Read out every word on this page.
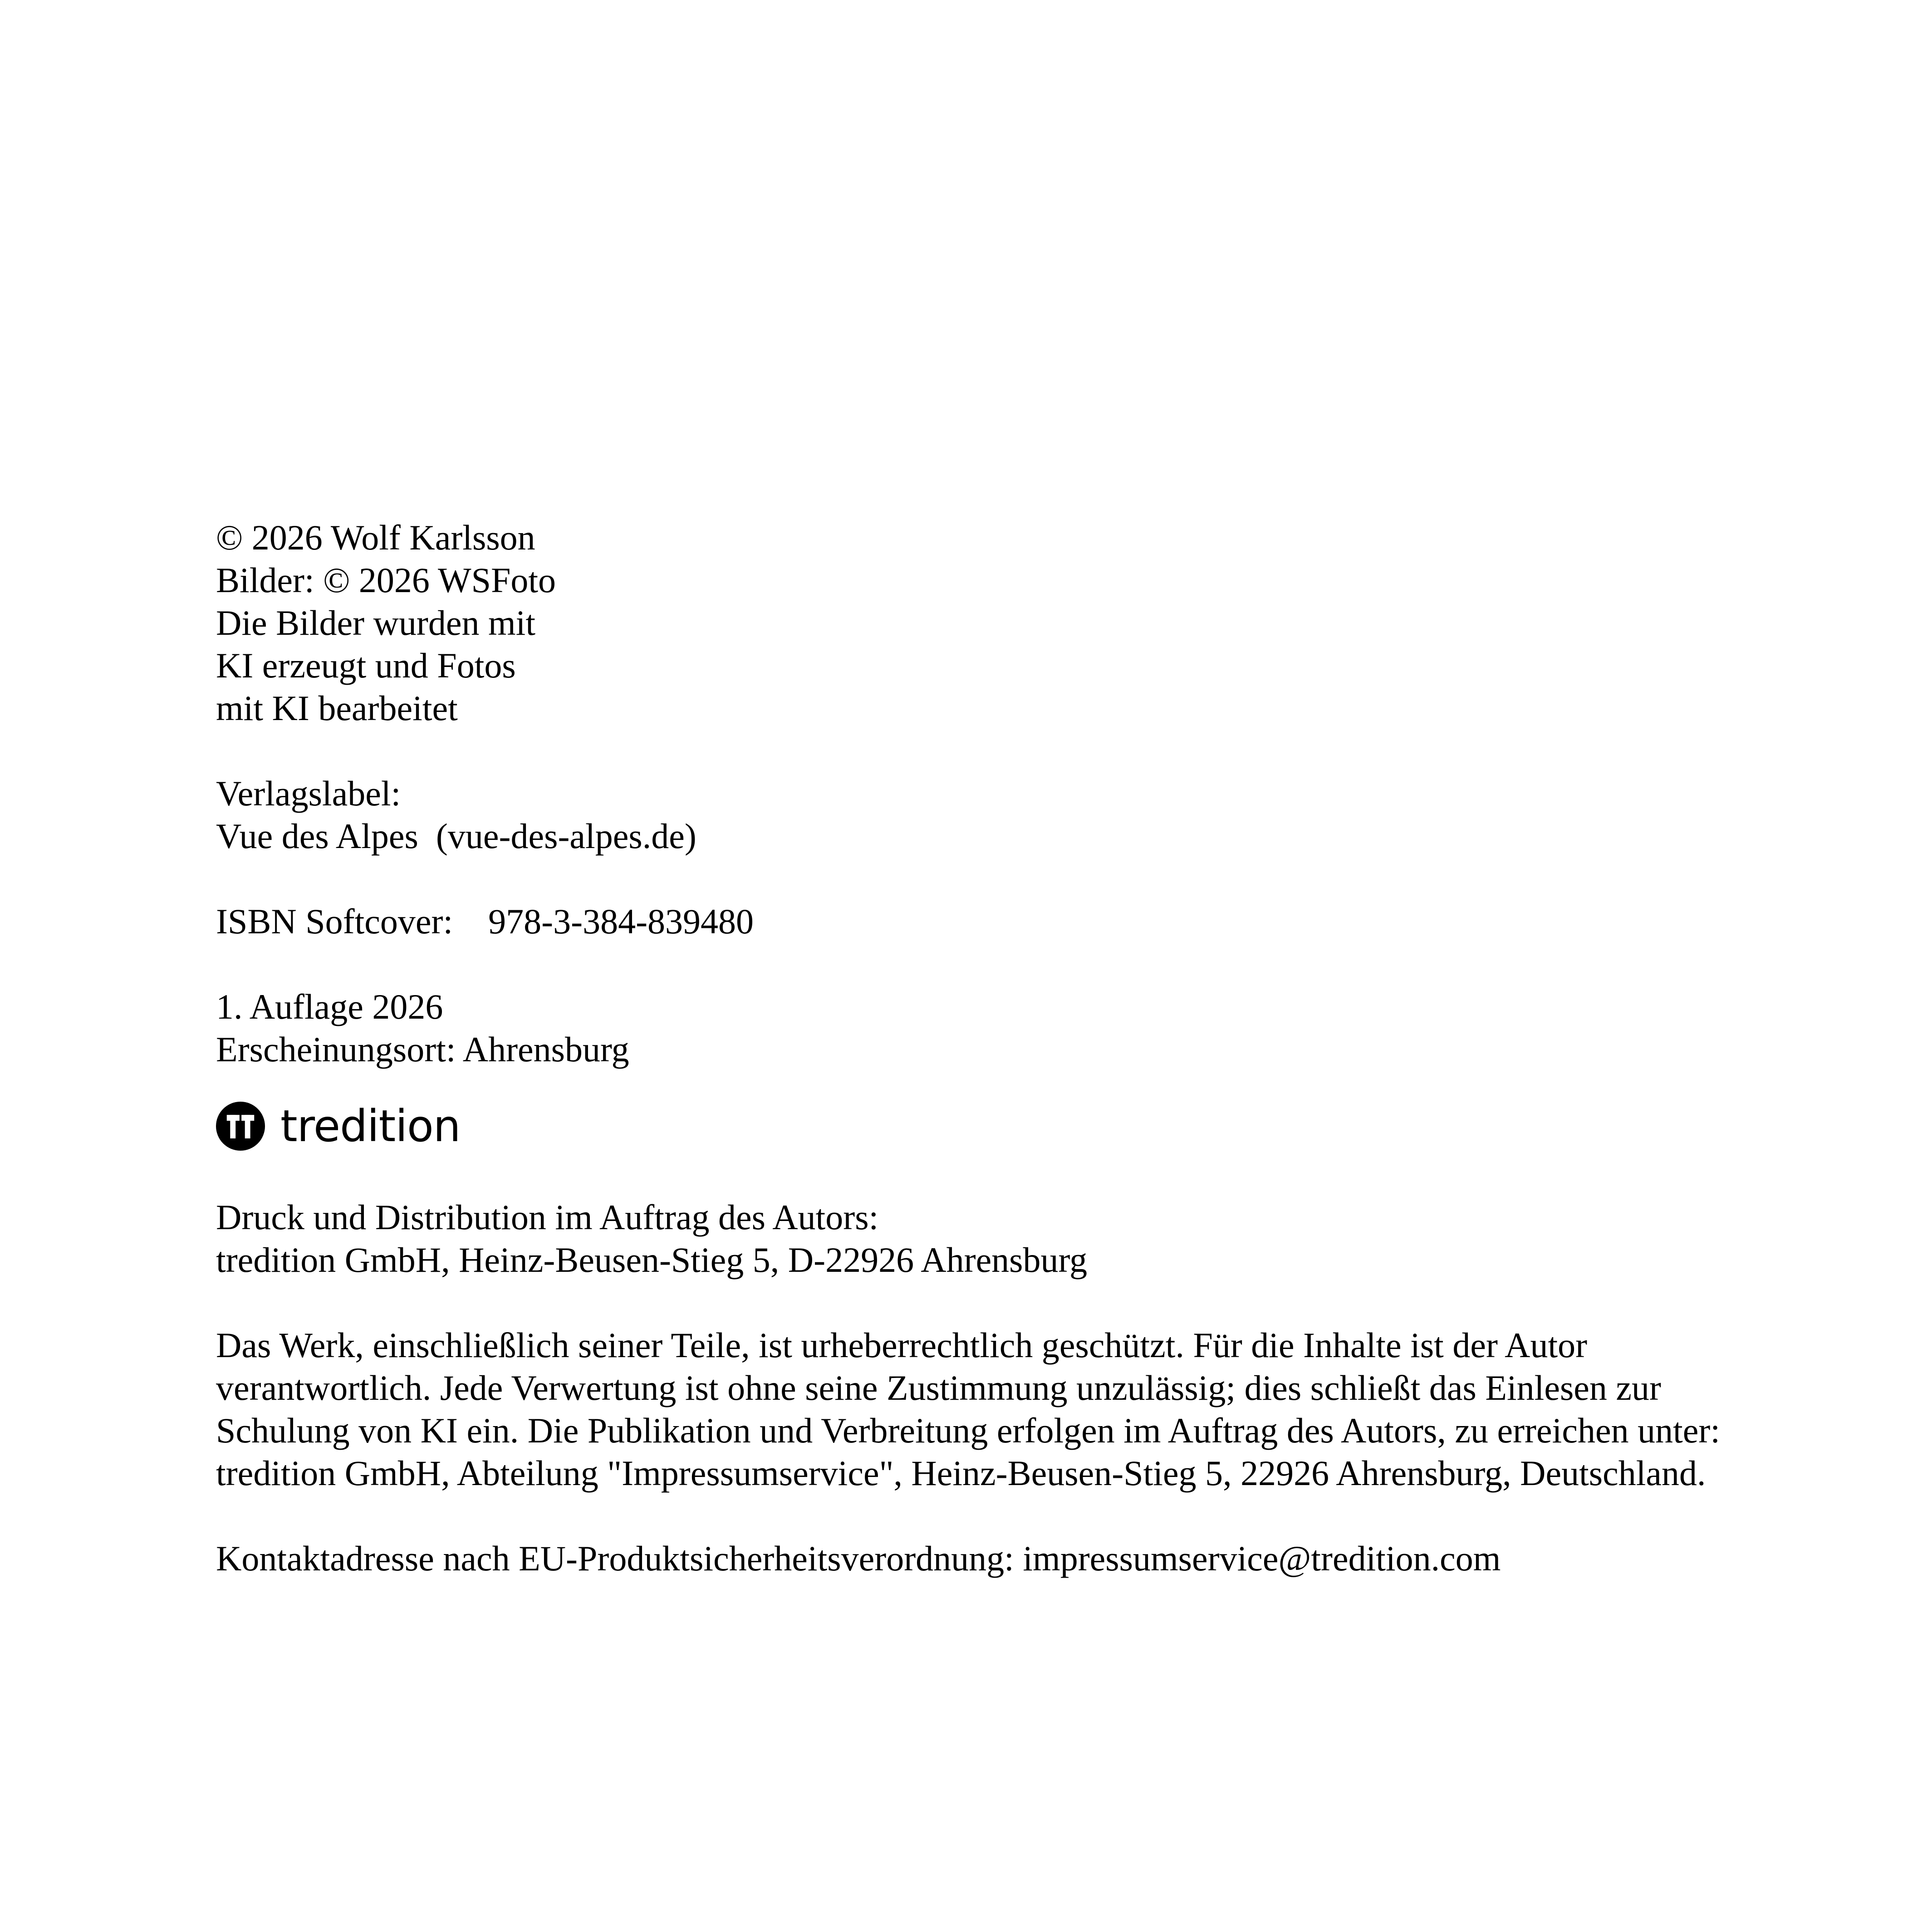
© 2026 Wolf Karlsson
Bilder: © 2026 WSFoto
Die Bilder wurden mit
KI erzeugt und Fotos
mit KI bearbeitet
Verlagslabel:
Vue des Alpes  (vue-des-alpes.de)
ISBN Softcover:    978-3-384-839480
1. Auflage 2026
Erscheinungsort: Ahrensburg
tredition
Druck und Distribution im Auftrag des Autors:
tredition GmbH, Heinz-Beusen-Stieg 5, D-22926 Ahrensburg
Das Werk, einschließlich seiner Teile, ist urheberrechtlich geschützt. Für die Inhalte ist der Autor verantwortlich. Jede Verwertung ist ohne seine Zustimmung unzulässig; dies schließt das Einlesen zur Schulung von KI ein. Die Publikation und Verbreitung erfolgen im Auftrag des Autors, zu erreichen unter: tredition GmbH, Abteilung "Impressumservice", Heinz-Beusen-Stieg 5, 22926 Ahrensburg, Deutschland.
Kontaktadresse nach EU-Produktsicherheitsverordnung: impressumservice@tredition.com
